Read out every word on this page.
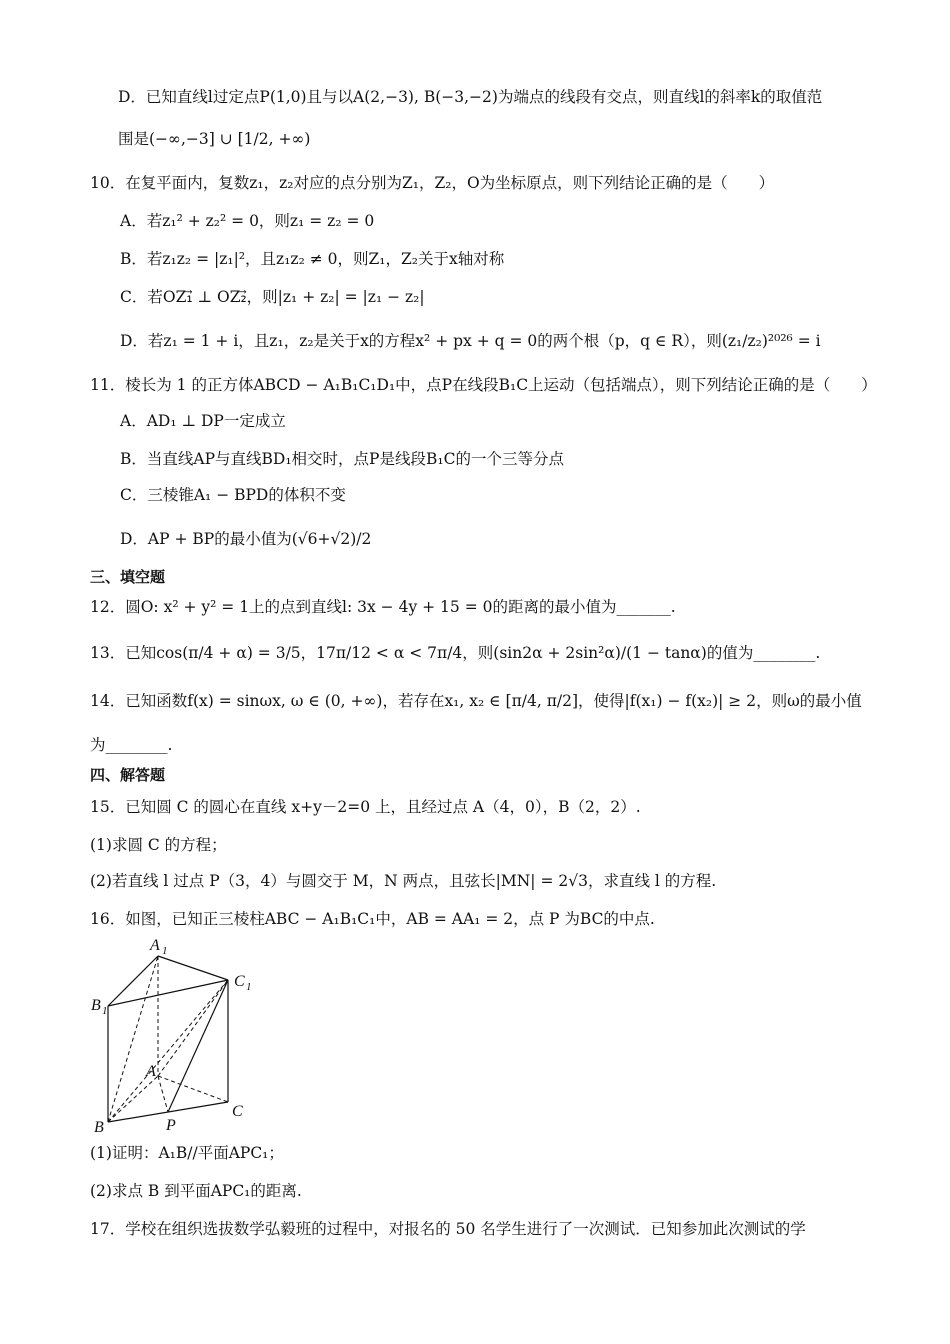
D．已知直线l过定点P(1,0)且与以A(2,−3), B(−3,−2)为端点的线段有交点，则直线l的斜率k的取值范
围是(−∞,−3] ∪ [1/2, +∞)
10．在复平面内，复数z₁，z₂对应的点分别为Z₁，Z₂，O为坐标原点，则下列结论正确的是（　　）
A．若z₁² + z₂² = 0，则z₁ = z₂ = 0
B．若z₁z₂ = |z₁|²，且z₁z₂ ≠ 0，则Z₁，Z₂关于x轴对称
C．若OZ₁⃗ ⊥ OZ₂⃗，则|z₁ + z₂| = |z₁ − z₂|
D．若z₁ = 1 + i，且z₁，z₂是关于x的方程x² + px + q = 0的两个根（p，q ∈ R），则(z₁/z₂)²⁰²⁶ = i
11．棱长为 1 的正方体ABCD − A₁B₁C₁D₁中，点P在线段B₁C上运动（包括端点），则下列结论正确的是（　　）
A．AD₁ ⊥ DP一定成立
B．当直线AP与直线BD₁相交时，点P是线段B₁C的一个三等分点
C．三棱锥A₁ − BPD的体积不变
D．AP + BP的最小值为(√6+√2)/2
三、填空题
12．圆O: x² + y² = 1上的点到直线l: 3x − 4y + 15 = 0的距离的最小值为_______.
13．已知cos(π/4 + α) = 3/5，17π/12 < α < 7π/4，则(sin2α + 2sin²α)/(1 − tanα)的值为________.
14．已知函数f(x) = sinωx, ω ∈ (0, +∞)，若存在x₁, x₂ ∈ [π/4, π/2]，使得|f(x₁) − f(x₂)| ≥ 2，则ω的最小值
为________.
四、解答题
15．已知圆 C 的圆心在直线 x+y－2=0 上，且经过点 A（4，0），B（2，2）.
(1)求圆 C 的方程；
(2)若直线 l 过点 P（3，4）与圆交于 M，N 两点，且弦长|MN| = 2√3，求直线 l 的方程.
16．如图，已知正三棱柱ABC − A₁B₁C₁中，AB = AA₁ = 2，点 P 为BC的中点.
(1)证明：A₁B//平面APC₁；
(2)求点 B 到平面APC₁的距离.
17．学校在组织选拔数学弘毅班的过程中，对报名的 50 名学生进行了一次测试．已知参加此次测试的学
A 1
C 1
B 1
A
B	P
C
